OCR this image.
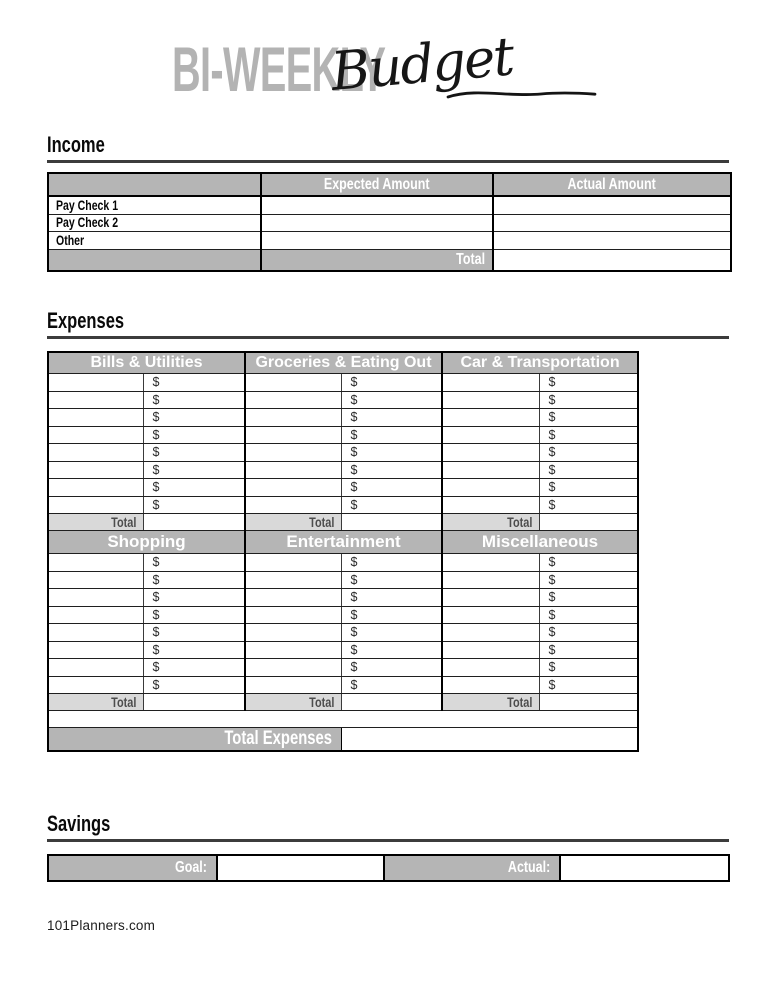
BI-WEEKLY
Budget
Income
	Expected Amount	Actual Amount
Pay Check 1		
Pay Check 2		
Other		
	Total	
Expenses
Bills & Utilities		Groceries & Eating Out		Car & Transportation	
	$		$		$
	$		$		$
	$		$		$
	$		$		$
	$		$		$
	$		$		$
	$		$		$
	$		$		$
Total		Total		Total	
Shopping		Entertainment		Miscellaneous	
	$		$		$
	$		$		$
	$		$		$
	$		$		$
	$		$		$
	$		$		$
	$		$		$
	$		$		$
Total		Total		Total	

Total Expenses					
Savings
Goal:		Actual:	
101Planners.com
